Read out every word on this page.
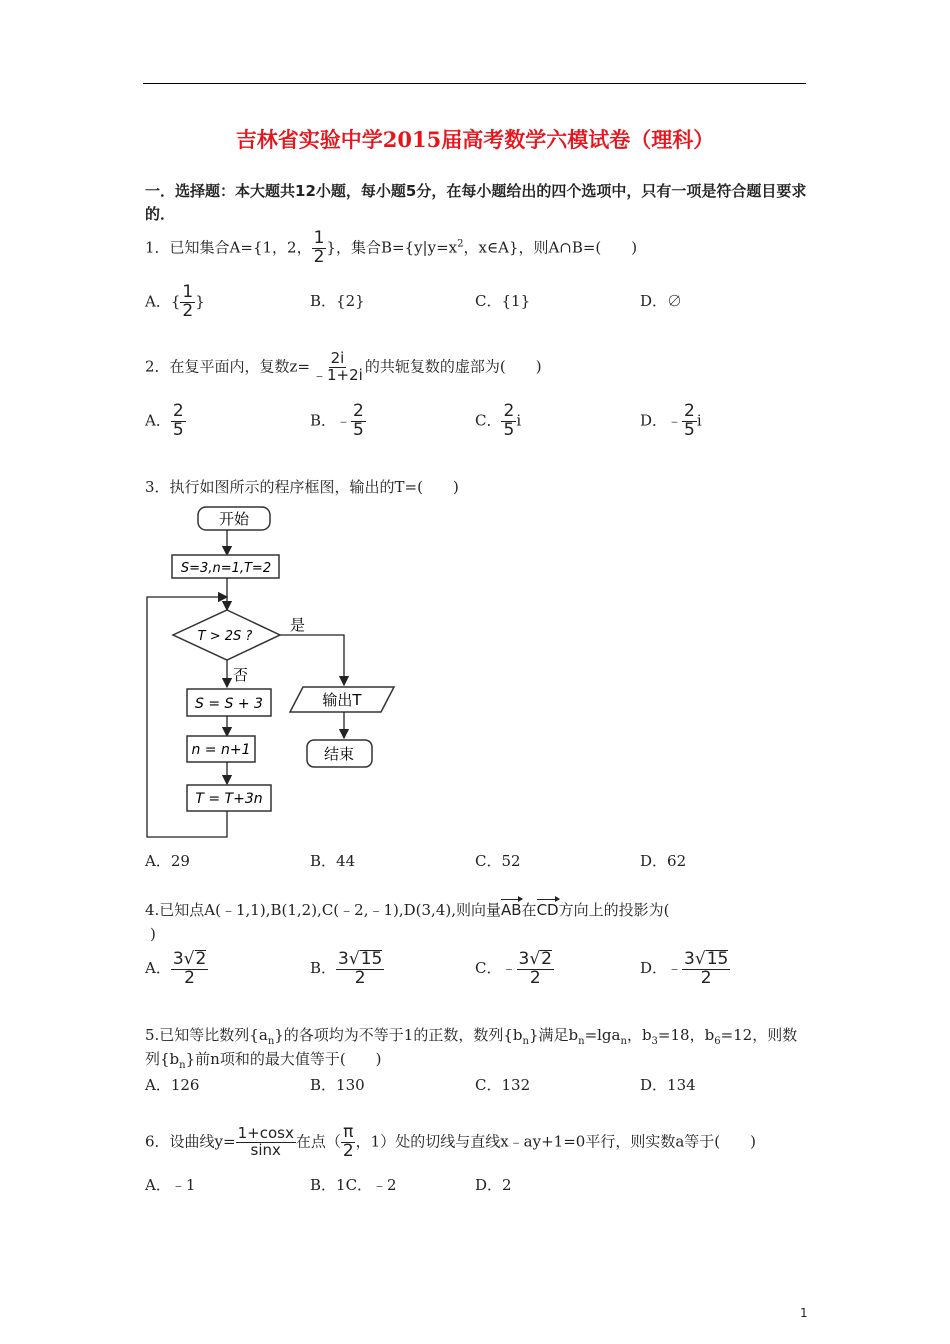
吉林省实验中学2015届高考数学六模试卷（理科）
一．选择题：本大题共12小题，每小题5分，在每小题给出的四个选项中，只有一项是符合题目要求的．
1．已知集合A={1，2， $\frac{1}{2}$ }，集合$B=\{y|y=x^2$，x∈A}，则A∩B=(　　)
A．{ $\frac{1}{2}$ }	B．{2}	C．{1}	D．∅
2．在复平面内，复数$z= \frac{2i}{﹣1+2i}$ 的共轭复数的虚部为(　　)
A． $\frac{2}{5}$	B．﹣ $\frac{2}{5}$	C． $\frac{2}{5}$ i	D．﹣ $\frac{2}{5}$ i
3．执行如图所示的程序框图，输出的T=(　　)
开始
S=3,n=1,T=2
T > 2S ?
是
输出T
结束
否
S = S + 3
n = n+1
T = T+3n
A．29	B．44	C．52	D．62
4.已知点A(﹣1,1),B(1,2),C(﹣2,﹣1),D(3,4),则向量AB在CD方向上的投影为(
)
A． $\frac{3√2}{2}$	B． $\frac{3√15}{2}$	C．﹣ $\frac{3√2}{2}$	D．﹣ $\frac{3√15}{2}$
5.已知等比数列$\{a_n\}$的各项均为不等于1的正数，数列$\{b_n\}$满足$b_n=\lg a_n$，$b_3=18$，$b_6=12$，则数
列$\{b_n\}$前n项和的最大值等于(　　)
A．126	B．130	C．132	D．134
6．设曲线$y= \frac{1+\cos x}{\sin x}$ 在点（ $\frac{\pi}{2}$ ，1）处的切线与直线x﹣ay+1=0平行，则实数a等于(　　)
A．﹣1	B．1C．﹣2	D．2
1
